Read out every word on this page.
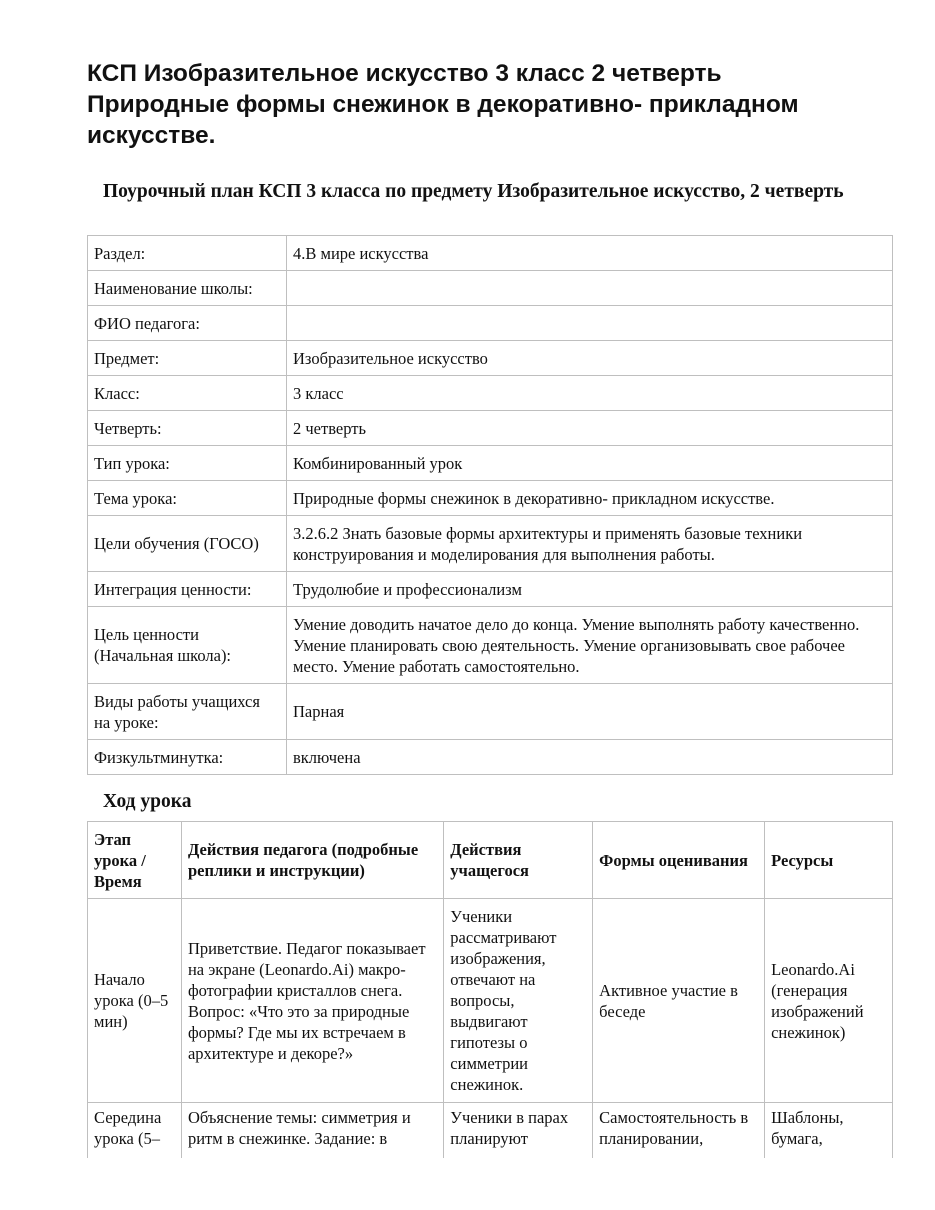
КСП Изобразительное искусство 3 класс 2 четверть
Природные формы снежинок в декоративно- прикладном
искусстве.
Поурочный план КСП 3 класса по предмету Изобразительное искусство, 2 четверть
Раздел:	4.В мире искусства
Наименование школы:	
ФИО педагога:	
Предмет:	Изобразительное искусство
Класс:	3 класс
Четверть:	2 четверть
Тип урока:	Комбинированный урок
Тема урока:	Природные формы снежинок в декоративно- прикладном искусстве.
Цели обучения (ГОСО)	3.2.6.2 Знать базовые формы архитектуры и применять базовые техники конструирования и моделирования для выполнения работы.
Интеграция ценности:	Трудолюбие и профессионализм
Цель ценности (Начальная школа):	Умение доводить начатое дело до конца. Умение выполнять работу качественно. Умение планировать свою деятельность. Умение организовывать свое рабочее место. Умение работать самостоятельно.
Виды работы учащихся на уроке:	Парная
Физкультминутка:	включена
Ход урока
Этап урока / Время	Действия педагога (подробные реплики и инструкции)	Действия учащегося	Формы оценивания	Ресурсы
Начало урока (0–5 мин)	Приветствие. Педагог показывает на экране (Leonardo.Ai) макро-фотографии кристаллов снега. Вопрос: «Что это за природные формы? Где мы их встречаем в архитектуре и декоре?»	Ученики рассматривают изображения, отвечают на вопросы, выдвигают гипотезы о симметрии снежинок.	Активное участие в беседе	Leonardo.Ai (генерация изображений снежинок)
Середина урока (5–	Объяснение темы: симметрия и ритм в снежинке. Задание: в	Ученики в парах планируют	Самостоятельность в планировании,	Шаблоны, бумага,
